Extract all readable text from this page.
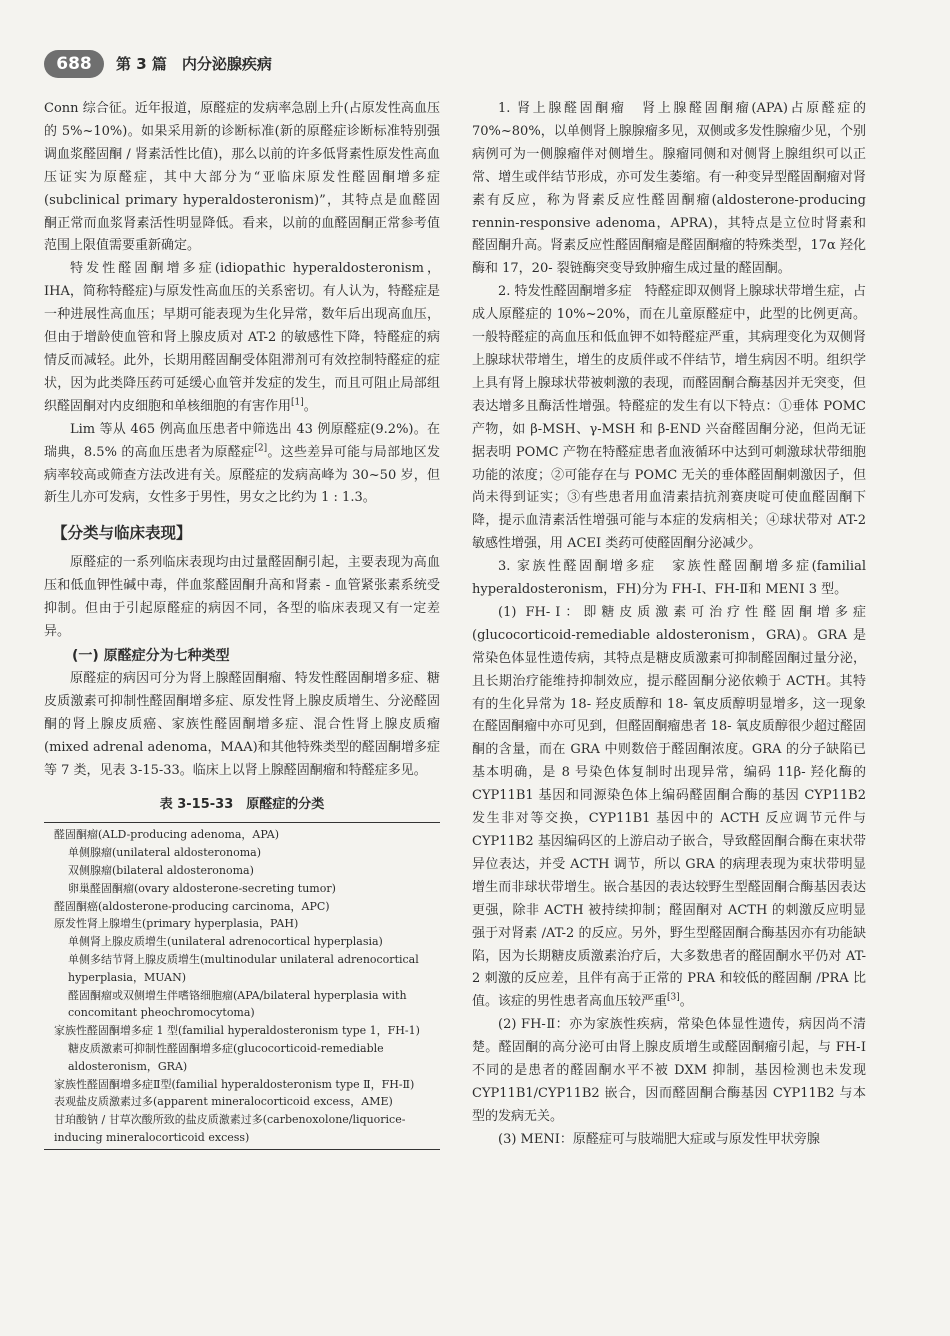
688	第 3 篇　内分泌腺疾病

Conn 综合征。近年报道，原醛症的发病率急剧上升(占原发性高血压的 5%~10%)。如果采用新的诊断标准(新的原醛症诊断标准特别强调血浆醛固酮 / 肾素活性比值)，那么以前的许多低肾素性原发性高血压证实为原醛症，其中大部分为“亚临床原发性醛固酮增多症(subclinical primary hyperaldosteronism)”，其特点是血醛固酮正常而血浆肾素活性明显降低。看来，以前的血醛固酮正常参考值范围上限值需要重新确定。

特发性醛固酮增多症(idiopathic hyperaldosteronism，IHA，简称特醛症)与原发性高血压的关系密切。有人认为，特醛症是一种进展性高血压；早期可能表现为生化异常，数年后出现高血压，但由于增龄使血管和肾上腺皮质对 AT-2 的敏感性下降，特醛症的病情反而减轻。此外，长期用醛固酮受体阻滞剂可有效控制特醛症的症状，因为此类降压药可延缓心血管并发症的发生，而且可阻止局部组织醛固酮对内皮细胞和单核细胞的有害作用[1]。

Lim 等从 465 例高血压患者中筛选出 43 例原醛症(9.2%)。在瑞典，8.5% 的高血压患者为原醛症[2]。这些差异可能与局部地区发病率较高或筛查方法改进有关。原醛症的发病高峰为 30~50 岁，但新生儿亦可发病，女性多于男性，男女之比约为 1 : 1.3。

【分类与临床表现】

原醛症的一系列临床表现均由过量醛固酮引起，主要表现为高血压和低血钾性碱中毒，伴血浆醛固酮升高和肾素 - 血管紧张素系统受抑制。但由于引起原醛症的病因不同，各型的临床表现又有一定差异。

(一) 原醛症分为七种类型

原醛症的病因可分为肾上腺醛固酮瘤、特发性醛固酮增多症、糖皮质激素可抑制性醛固酮增多症、原发性肾上腺皮质增生、分泌醛固酮的肾上腺皮质癌、家族性醛固酮增多症、混合性肾上腺皮质瘤(mixed adrenal adenoma，MAA)和其他特殊类型的醛固酮增多症等 7 类，见表 3-15-33。临床上以肾上腺醛固酮瘤和特醛症多见。

表 3-15-33　原醛症的分类
醛固酮瘤(ALD-producing adenoma，APA)
单侧腺瘤(unilateral aldosteronoma)
双侧腺瘤(bilateral aldosteronoma)
卵巢醛固酮瘤(ovary aldosterone-secreting tumor)
醛固酮癌(aldosterone-producing carcinoma，APC)
原发性肾上腺增生(primary hyperplasia，PAH)
单侧肾上腺皮质增生(unilateral adrenocortical hyperplasia)
单侧多结节肾上腺皮质增生(multinodular unilateral adrenocortical hyperplasia，MUAN)
醛固酮瘤或双侧增生伴嗜铬细胞瘤(APA/bilateral hyperplasia with concomitant pheochromocytoma)
家族性醛固酮增多症 1 型(familial hyperaldosteronism type 1，FH-1)
糖皮质激素可抑制性醛固酮增多症(glucocorticoid-remediable aldosteronism，GRA)
家族性醛固酮增多症Ⅱ型(familial hyperaldosteronism type Ⅱ，FH-Ⅱ)
表观盐皮质激素过多(apparent mineralocorticoid excess，AME)
甘珀酸钠 / 甘草次酸所致的盐皮质激素过多(carbenoxolone/liquorice-inducing mineralocorticoid excess)

1. 肾上腺醛固酮瘤　肾上腺醛固酮瘤(APA)占原醛症的 70%~80%，以单侧肾上腺腺瘤多见，双侧或多发性腺瘤少见，个别病例可为一侧腺瘤伴对侧增生。腺瘤同侧和对侧肾上腺组织可以正常、增生或伴结节形成，亦可发生萎缩。有一种变异型醛固酮瘤对肾素有反应，称为肾素反应性醛固酮瘤(aldosterone-producing rennin-responsive adenoma，APRA)，其特点是立位时肾素和醛固酮升高。肾素反应性醛固酮瘤是醛固酮瘤的特殊类型，17α 羟化酶和 17，20- 裂链酶突变导致肿瘤生成过量的醛固酮。

2. 特发性醛固酮增多症　特醛症即双侧肾上腺球状带增生症，占成人原醛症的 10%~20%，而在儿童原醛症中，此型的比例更高。一般特醛症的高血压和低血钾不如特醛症严重，其病理变化为双侧肾上腺球状带增生，增生的皮质伴或不伴结节，增生病因不明。组织学上具有肾上腺球状带被刺激的表现，而醛固酮合酶基因并无突变，但表达增多且酶活性增强。特醛症的发生有以下特点：①垂体 POMC 产物，如 β-MSH、γ-MSH 和 β-END 兴奋醛固酮分泌，但尚无证据表明 POMC 产物在特醛症患者血液循环中达到可刺激球状带细胞功能的浓度；②可能存在与 POMC 无关的垂体醛固酮刺激因子，但尚未得到证实；③有些患者用血清素拮抗剂赛庚啶可使血醛固酮下降，提示血清素活性增强可能与本症的发病相关；④球状带对 AT-2 敏感性增强，用 ACEI 类药可使醛固酮分泌减少。

3. 家族性醛固酮增多症　家族性醛固酮增多症(familial hyperaldosteronism，FH)分为 FH-Ⅰ、FH-Ⅱ和 MENⅠ 3 型。

(1) FH-Ⅰ：即糖皮质激素可治疗性醛固酮增多症(glucocorticoid-remediable aldosteronism，GRA)。GRA 是常染色体显性遗传病，其特点是糖皮质激素可抑制醛固酮过量分泌，且长期治疗能维持抑制效应，提示醛固酮分泌依赖于 ACTH。其特有的生化异常为 18- 羟皮质醇和 18- 氧皮质醇明显增多，这一现象在醛固酮瘤中亦可见到，但醛固酮瘤患者 18- 氧皮质醇很少超过醛固酮的含量，而在 GRA 中则数倍于醛固酮浓度。GRA 的分子缺陷已基本明确，是 8 号染色体复制时出现异常，编码 11β- 羟化酶的 CYP11B1 基因和同源染色体上编码醛固酮合酶的基因 CYP11B2 发生非对等交换，CYP11B1 基因中的 ACTH 反应调节元件与 CYP11B2 基因编码区的上游启动子嵌合，导致醛固酮合酶在束状带异位表达，并受 ACTH 调节，所以 GRA 的病理表现为束状带明显增生而非球状带增生。嵌合基因的表达较野生型醛固酮合酶基因表达更强，除非 ACTH 被持续抑制；醛固酮对 ACTH 的刺激反应明显强于对肾素 /AT-2 的反应。另外，野生型醛固酮合酶基因亦有功能缺陷，因为长期糖皮质激素治疗后，大多数患者的醛固酮水平仍对 AT-2 刺激的反应差，且伴有高于正常的 PRA 和较低的醛固酮 /PRA 比值。该症的男性患者高血压较严重[3]。

(2) FH-Ⅱ：亦为家族性疾病，常染色体显性遗传，病因尚不清楚。醛固酮的高分泌可由肾上腺皮质增生或醛固酮瘤引起，与 FH-Ⅰ不同的是患者的醛固酮水平不被 DXM 抑制，基因检测也未发现 CYP11B1/CYP11B2 嵌合，因而醛固酮合酶基因 CYP11B2 与本型的发病无关。

(3) MENⅠ：原醛症可与肢端肥大症或与原发性甲状旁腺
